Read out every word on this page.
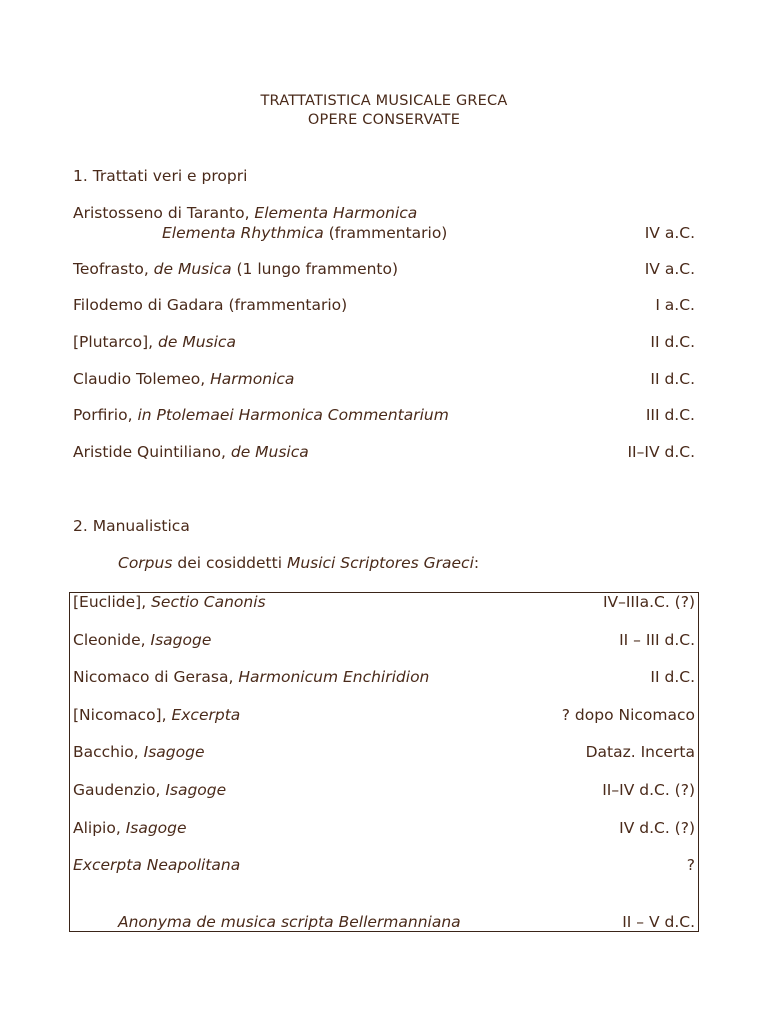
TRATTATISTICA MUSICALE GRECA
OPERE CONSERVATE
1. Trattati veri e propri
Aristosseno di Taranto, Elementa Harmonica
Elementa Rhythmica (frammentario)	IV a.C.
Teofrasto, de Musica (1 lungo frammento)	IV a.C.
Filodemo di Gadara (frammentario)	I a.C.
[Plutarco], de Musica	II d.C.
Claudio Tolemeo, Harmonica	II d.C.
Porfirio, in Ptolemaei Harmonica Commentarium	III d.C.
Aristide Quintiliano, de Musica	II–IV d.C.
2. Manualistica
Corpus dei cosiddetti Musici Scriptores Graeci:
[Euclide], Sectio Canonis	IV–IIIa.C. (?)
Cleonide, Isagoge	II – III d.C.
Nicomaco di Gerasa, Harmonicum Enchiridion	II d.C.
[Nicomaco], Excerpta	? dopo Nicomaco
Bacchio, Isagoge	Dataz. Incerta
Gaudenzio, Isagoge	II–IV d.C. (?)
Alipio, Isagoge	IV d.C. (?)
Excerpta Neapolitana	?
Anonyma de musica scripta Bellermanniana	II – V d.C.
